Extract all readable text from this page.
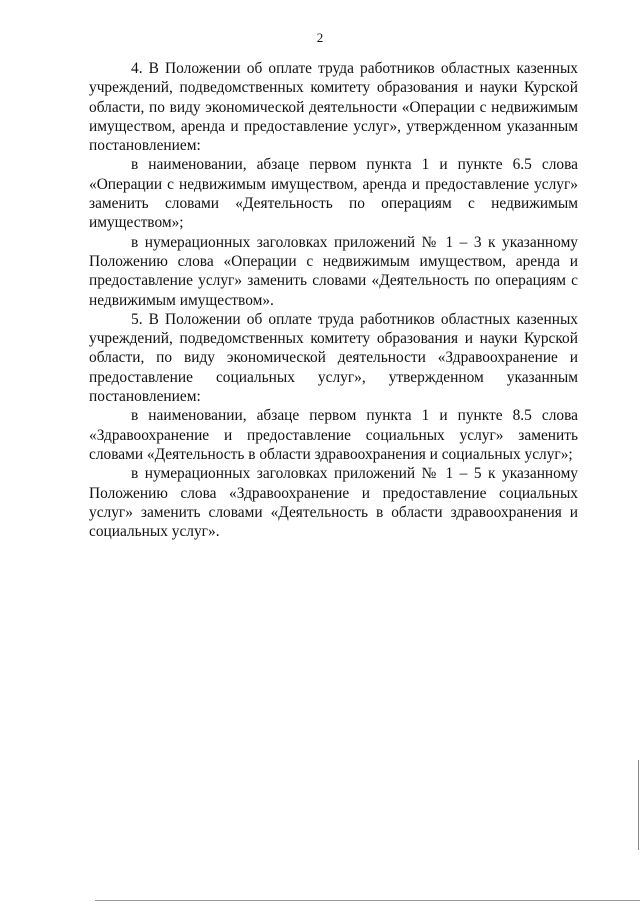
2

4. В Положении об оплате труда работников областных казенных учреждений, подведомственных комитету образования и науки Курской области, по виду экономической деятельности «Операции с недвижимым имуществом, аренда и предоставление услуг», утвержденном указанным постановлением:

в наименовании, абзаце первом пункта 1 и пункте 6.5 слова «Операции с недвижимым имуществом, аренда и предоставление услуг» заменить словами «Деятельность по операциям с недвижимым имуществом»;

в нумерационных заголовках приложений № 1 – 3 к указанному Положению слова «Операции с недвижимым имуществом, аренда и предоставление услуг» заменить словами «Деятельность по операциям с недвижимым имуществом».

5. В Положении об оплате труда работников областных казенных учреждений, подведомственных комитету образования и науки Курской области, по виду экономической деятельности «Здравоохранение и предоставление социальных услуг», утвержденном указанным постановлением:

в наименовании, абзаце первом пункта 1 и пункте 8.5 слова «Здравоохранение и предоставление социальных услуг» заменить словами «Деятельность в области здравоохранения и социальных услуг»;

в нумерационных заголовках приложений № 1 – 5 к указанному Положению слова «Здравоохранение и предоставление социальных услуг» заменить словами «Деятельность в области здравоохранения и социальных услуг».
